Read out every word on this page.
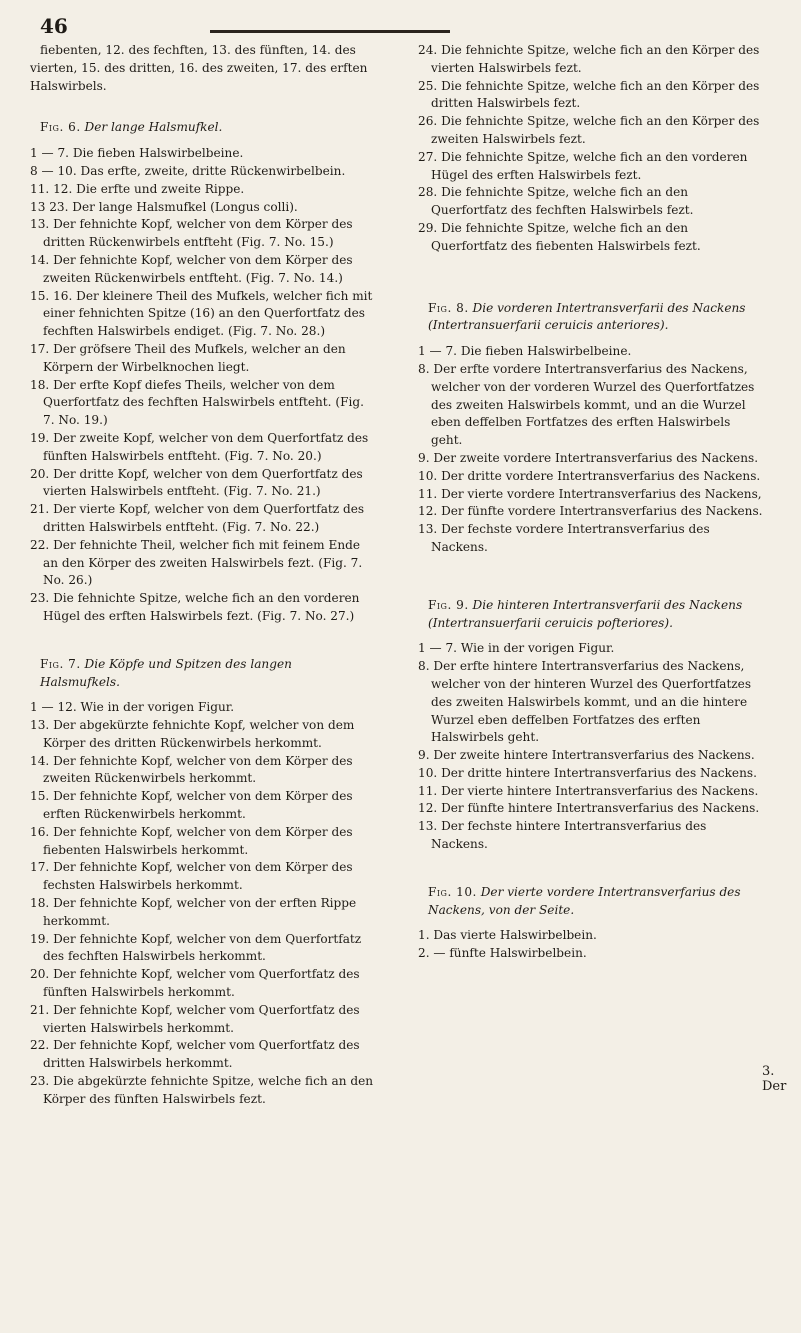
46

fiebenten, 12. des fechften, 13. des fünften, 14. des vierten, 15. des dritten, 16. des zweiten, 17. des erften Halswirbels.

Fig. 6. Der lange Halsmufkel.

1 — 7. Die fieben Halswirbelbeine.

8 — 10. Das erfte, zweite, dritte Rückenwirbelbein.

11. 12. Die erfte und zweite Rippe.

13 23. Der lange Halsmufkel (Longus colli).

13. Der fehnichte Kopf, welcher von dem Körper des dritten Rückenwirbels entfteht (Fig. 7. No. 15.)

14. Der fehnichte Kopf, welcher von dem Körper des zweiten Rückenwirbels entfteht. (Fig. 7. No. 14.)

15. 16. Der kleinere Theil des Mufkels, welcher fich mit einer fehnichten Spitze (16) an den Querfortfatz des fechften Halswirbels endiget. (Fig. 7. No. 28.)

17. Der gröfsere Theil des Mufkels, welcher an den Körpern der Wirbelknochen liegt.

18. Der erfte Kopf diefes Theils, welcher von dem Querfortfatz des fechften Halswirbels entfteht. (Fig. 7. No. 19.)

19. Der zweite Kopf, welcher von dem Querfortfatz des fünften Halswirbels entfteht. (Fig. 7. No. 20.)

20. Der dritte Kopf, welcher von dem Querfortfatz des vierten Halswirbels entfteht. (Fig. 7. No. 21.)

21. Der vierte Kopf, welcher von dem Querfortfatz des dritten Halswirbels entfteht. (Fig. 7. No. 22.)

22. Der fehnichte Theil, welcher fich mit feinem Ende an den Körper des zweiten Halswirbels fezt. (Fig. 7. No. 26.)

23. Die fehnichte Spitze, welche fich an den vorderen Hügel des erften Halswirbels fezt. (Fig. 7. No. 27.)

Fig. 7. Die Köpfe und Spitzen des langen Halsmufkels.

1 — 12. Wie in der vorigen Figur.

13. Der abgekürzte fehnichte Kopf, welcher von dem Körper des dritten Rückenwirbels herkommt.

14. Der fehnichte Kopf, welcher von dem Körper des zweiten Rückenwirbels herkommt.

15. Der fehnichte Kopf, welcher von dem Körper des erften Rückenwirbels herkommt.

16. Der fehnichte Kopf, welcher von dem Körper des fiebenten Halswirbels herkommt.

17. Der fehnichte Kopf, welcher von dem Körper des fechsten Halswirbels herkommt.

18. Der fehnichte Kopf, welcher von der erften Rippe herkommt.

19. Der fehnichte Kopf, welcher von dem Querfortfatz des fechften Halswirbels herkommt.

20. Der fehnichte Kopf, welcher vom Querfortfatz des fünften Halswirbels herkommt.

21. Der fehnichte Kopf, welcher vom Querfortfatz des vierten Halswirbels herkommt.

22. Der fehnichte Kopf, welcher vom Querfortfatz des dritten Halswirbels herkommt.

23. Die abgekürzte fehnichte Spitze, welche fich an den Körper des fünften Halswirbels fezt.

24. Die fehnichte Spitze, welche fich an den Körper des vierten Halswirbels fezt.

25. Die fehnichte Spitze, welche fich an den Körper des dritten Halswirbels fezt.

26. Die fehnichte Spitze, welche fich an den Körper des zweiten Halswirbels fezt.

27. Die fehnichte Spitze, welche fich an den vorderen Hügel des erften Halswirbels fezt.

28. Die fehnichte Spitze, welche fich an den Querfortfatz des fechften Halswirbels fezt.

29. Die fehnichte Spitze, welche fich an den Querfortfatz des fiebenten Halswirbels fezt.

Fig. 8. Die vorderen Intertransverfarii des Nackens (Intertransuerfarii ceruicis anteriores).

1 — 7. Die fieben Halswirbelbeine.

8. Der erfte vordere Intertransverfarius des Nackens, welcher von der vorderen Wurzel des Querfortfatzes des zweiten Halswirbels kommt, und an die Wurzel eben deffelben Fortfatzes des erften Halswirbels geht.

9. Der zweite vordere Intertransverfarius des Nackens.

10. Der dritte vordere Intertransverfarius des Nackens.

11. Der vierte vordere Intertransverfarius des Nackens,

12. Der fünfte vordere Intertransverfarius des Nackens.

13. Der fechste vordere Intertransverfarius des Nackens.

Fig. 9. Die hinteren Intertransverfarii des Nackens (Intertransuerfarii ceruicis pofteriores).

1 — 7. Wie in der vorigen Figur.

8. Der erfte hintere Intertransverfarius des Nackens, welcher von der hinteren Wurzel des Querfortfatzes des zweiten Halswirbels kommt, und an die hintere Wurzel eben deffelben Fortfatzes des erften Halswirbels geht.

9. Der zweite hintere Intertransverfarius des Nackens.

10. Der dritte hintere Intertransverfarius des Nackens.

11. Der vierte hintere Intertransverfarius des Nackens.

12. Der fünfte hintere Intertransverfarius des Nackens.

13. Der fechste hintere Intertransverfarius des Nackens.

Fig. 10. Der vierte vordere Intertransverfarius des Nackens, von der Seite.

1. Das vierte Halswirbelbein.

2. — fünfte Halswirbelbein.

3. Der
